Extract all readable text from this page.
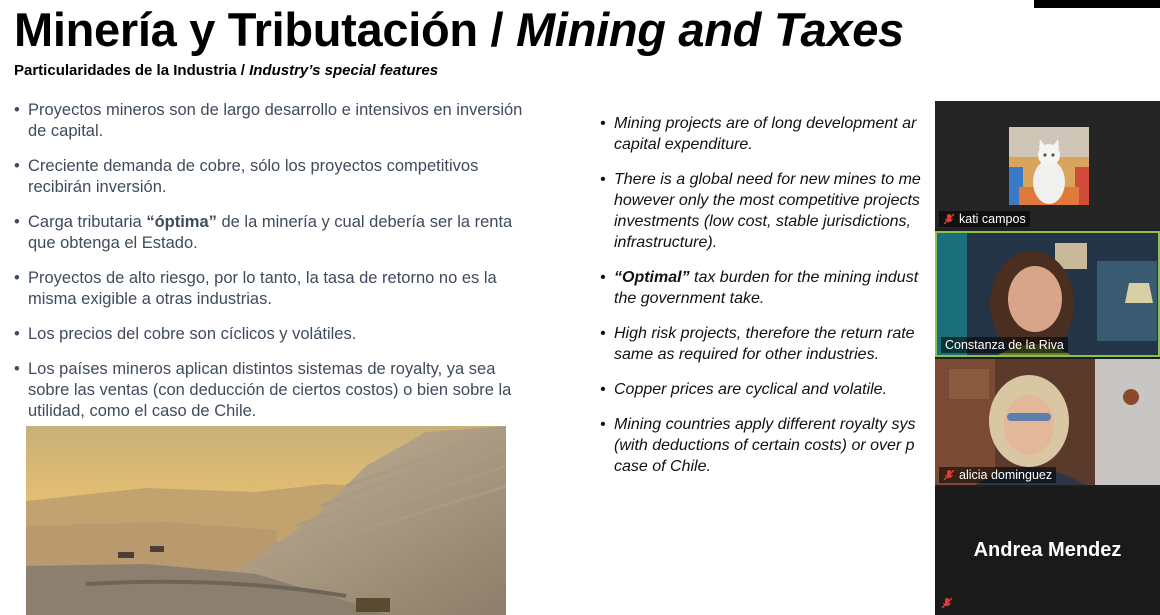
Minería y Tributación / Mining and Taxes
Particularidades de la Industria / Industry’s special features
• Proyectos mineros son de largo desarrollo e intensivos en inversión de capital.
• Creciente demanda de cobre, sólo los proyectos competitivos recibirán inversión.
• Carga tributaria “óptima” de la minería y cual debería ser la renta que obtenga el Estado.
• Proyectos de alto riesgo, por lo tanto, la tasa de retorno no es la misma exigible a otras industrias.
• Los precios del cobre son cíclicos y volátiles.
• Los países mineros aplican distintos sistemas de royalty, ya sea sobre las ventas (con deducción de ciertos costos) o bien sobre la utilidad, como el caso de Chile.
• Mining projects are of long development ar capital expenditure.
• There is a global need for new mines to me however only the most competitive projects investments (low cost, stable jurisdictions, infrastructure).
• “Optimal” tax burden for the mining indust the government take.
• High risk projects, therefore the return rate same as required for other industries.
• Copper prices are cyclical and volatile.
• Mining countries apply different royalty sys (with deductions of certain costs) or over p case of Chile.
kati campos
Constanza de la Riva
alicia dominguez
Andrea Mendez
